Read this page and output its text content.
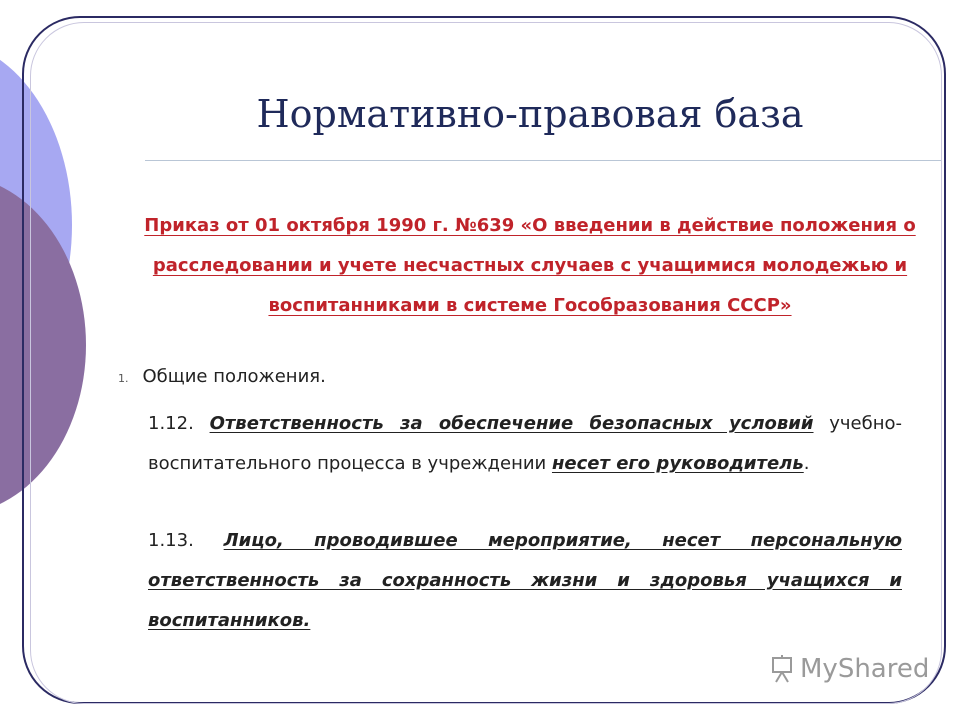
Нормативно-правовая база
Приказ от 01 октября 1990 г. №639 «О введении в действие положения о расследовании и учете несчастных случаев с учащимися молодежью и воспитанниками в системе Гособразования СССР»
1. Общие положения.
1.12. Ответственность за обеспечение безопасных условий учебно-воспитательного процесса в учреждении несет его руководитель.
1.13. Лицо, проводившее мероприятие, несет персональную ответственность за сохранность жизни и здоровья учащихся и воспитанников.
MyShared
